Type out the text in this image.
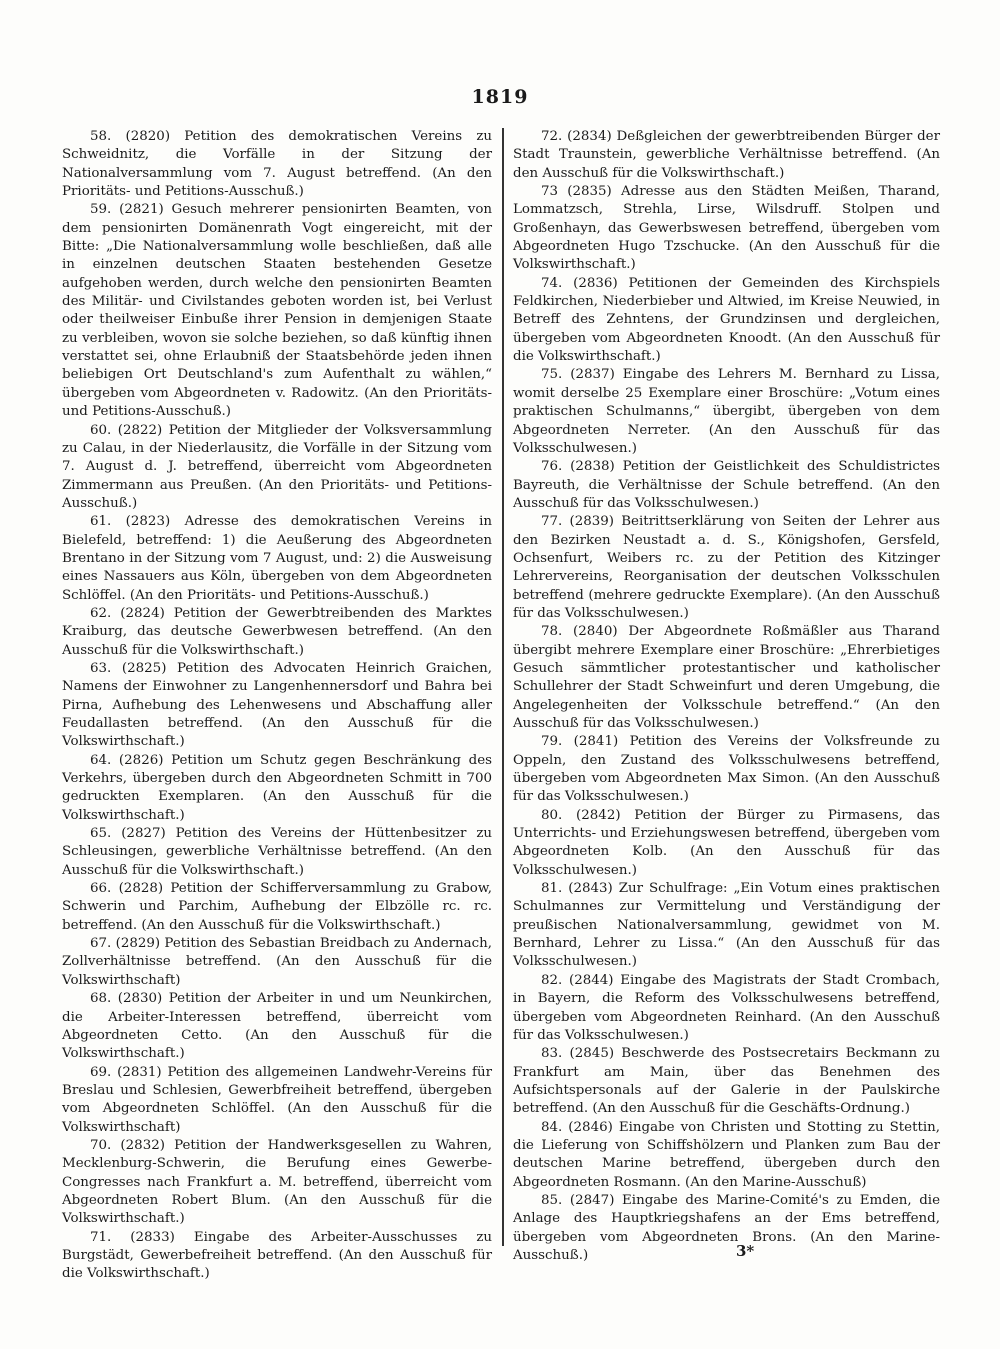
1819

58. (2820) Petition des demokratischen Vereins zu Schweidnitz, die Vorfälle in der Sitzung der Nationalversammlung vom 7. August betreffend. (An den Prioritäts- und Petitions-Ausschuß.)

59. (2821) Gesuch mehrerer pensionirten Beamten, von dem pensionirten Domänenrath Vogt eingereicht, mit der Bitte: „Die Nationalversammlung wolle beschließen, daß alle in einzelnen deutschen Staaten bestehenden Gesetze aufgehoben werden, durch welche den pensionirten Beamten des Militär- und Civilstandes geboten worden ist, bei Verlust oder theilweiser Einbuße ihrer Pension in demjenigen Staate zu verbleiben, wovon sie solche beziehen, so daß künftig ihnen verstattet sei, ohne Erlaubniß der Staatsbehörde jeden ihnen beliebigen Ort Deutschland's zum Aufenthalt zu wählen,“ übergeben vom Abgeordneten v. Radowitz. (An den Prioritäts- und Petitions-Ausschuß.)

60. (2822) Petition der Mitglieder der Volksversammlung zu Calau, in der Niederlausitz, die Vorfälle in der Sitzung vom 7. August d. J. betreffend, überreicht vom Abgeordneten Zimmermann aus Preußen. (An den Prioritäts- und Petitions-Ausschuß.)

61. (2823) Adresse des demokratischen Vereins in Bielefeld, betreffend: 1) die Aeußerung des Abgeordneten Brentano in der Sitzung vom 7 August, und: 2) die Ausweisung eines Nassauers aus Köln, übergeben von dem Abgeordneten Schlöffel. (An den Prioritäts- und Petitions-Ausschuß.)

62. (2824) Petition der Gewerbtreibenden des Marktes Kraiburg, das deutsche Gewerbwesen betreffend. (An den Ausschuß für die Volkswirthschaft.)

63. (2825) Petition des Advocaten Heinrich Graichen, Namens der Einwohner zu Langenhennersdorf und Bahra bei Pirna, Aufhebung des Lehenwesens und Abschaffung aller Feudallasten betreffend. (An den Ausschuß für die Volkswirthschaft.)

64. (2826) Petition um Schutz gegen Beschränkung des Verkehrs, übergeben durch den Abgeordneten Schmitt in 700 gedruckten Exemplaren. (An den Ausschuß für die Volkswirthschaft.)

65. (2827) Petition des Vereins der Hüttenbesitzer zu Schleusingen, gewerbliche Verhältnisse betreffend. (An den Ausschuß für die Volkswirthschaft.)

66. (2828) Petition der Schifferversammlung zu Grabow, Schwerin und Parchim, Aufhebung der Elbzölle rc. rc. betreffend. (An den Ausschuß für die Volkswirthschaft.)

67. (2829) Petition des Sebastian Breidbach zu Andernach, Zollverhältnisse betreffend. (An den Ausschuß für die Volkswirthschaft)

68. (2830) Petition der Arbeiter in und um Neunkirchen, die Arbeiter-Interessen betreffend, überreicht vom Abgeordneten Cetto. (An den Ausschuß für die Volkswirthschaft.)

69. (2831) Petition des allgemeinen Landwehr-Vereins für Breslau und Schlesien, Gewerbfreiheit betreffend, übergeben vom Abgeordneten Schlöffel. (An den Ausschuß für die Volkswirthschaft)

70. (2832) Petition der Handwerksgesellen zu Wahren, Mecklenburg-Schwerin, die Berufung eines Gewerbe-Congresses nach Frankfurt a. M. betreffend, überreicht vom Abgeordneten Robert Blum. (An den Ausschuß für die Volkswirthschaft.)

71. (2833) Eingabe des Arbeiter-Ausschusses zu Burgstädt, Gewerbefreiheit betreffend. (An den Ausschuß für die Volkswirthschaft.)

72. (2834) Deßgleichen der gewerbtreibenden Bürger der Stadt Traunstein, gewerbliche Verhältnisse betreffend. (An den Ausschuß für die Volkswirthschaft.)

73 (2835) Adresse aus den Städten Meißen, Tharand, Lommatzsch, Strehla, Lirse, Wilsdruff. Stolpen und Großenhayn, das Gewerbswesen betreffend, übergeben vom Abgeordneten Hugo Tzschucke. (An den Ausschuß für die Volkswirthschaft.)

74. (2836) Petitionen der Gemeinden des Kirchspiels Feldkirchen, Niederbieber und Altwied, im Kreise Neuwied, in Betreff des Zehntens, der Grundzinsen und dergleichen, übergeben vom Abgeordneten Knoodt. (An den Ausschuß für die Volkswirthschaft.)

75. (2837) Eingabe des Lehrers M. Bernhard zu Lissa, womit derselbe 25 Exemplare einer Broschüre: „Votum eines praktischen Schulmanns,“ übergibt, übergeben von dem Abgeordneten Nerreter. (An den Ausschuß für das Volksschulwesen.)

76. (2838) Petition der Geistlichkeit des Schuldistrictes Bayreuth, die Verhältnisse der Schule betreffend. (An den Ausschuß für das Volksschulwesen.)

77. (2839) Beitrittserklärung von Seiten der Lehrer aus den Bezirken Neustadt a. d. S., Königshofen, Gersfeld, Ochsenfurt, Weibers rc. zu der Petition des Kitzinger Lehrervereins, Reorganisation der deutschen Volksschulen betreffend (mehrere gedruckte Exemplare). (An den Ausschuß für das Volksschulwesen.)

78. (2840) Der Abgeordnete Roßmäßler aus Tharand übergibt mehrere Exemplare einer Broschüre: „Ehrerbietiges Gesuch sämmtlicher protestantischer und katholischer Schullehrer der Stadt Schweinfurt und deren Umgebung, die Angelegenheiten der Volksschule betreffend.“ (An den Ausschuß für das Volksschulwesen.)

79. (2841) Petition des Vereins der Volksfreunde zu Oppeln, den Zustand des Volksschulwesens betreffend, übergeben vom Abgeordneten Max Simon. (An den Ausschuß für das Volksschulwesen.)

80. (2842) Petition der Bürger zu Pirmasens, das Unterrichts- und Erziehungswesen betreffend, übergeben vom Abgeordneten Kolb. (An den Ausschuß für das Volksschulwesen.)

81. (2843) Zur Schulfrage: „Ein Votum eines praktischen Schulmannes zur Vermittelung und Verständigung der preußischen Nationalversammlung, gewidmet von M. Bernhard, Lehrer zu Lissa.“ (An den Ausschuß für das Volksschulwesen.)

82. (2844) Eingabe des Magistrats der Stadt Crombach, in Bayern, die Reform des Volksschulwesens betreffend, übergeben vom Abgeordneten Reinhard. (An den Ausschuß für das Volksschulwesen.)

83. (2845) Beschwerde des Postsecretairs Beckmann zu Frankfurt am Main, über das Benehmen des Aufsichtspersonals auf der Galerie in der Paulskirche betreffend. (An den Ausschuß für die Geschäfts-Ordnung.)

84. (2846) Eingabe von Christen und Stotting zu Stettin, die Lieferung von Schiffshölzern und Planken zum Bau der deutschen Marine betreffend, übergeben durch den Abgeordneten Rosmann. (An den Marine-Ausschuß)

85. (2847) Eingabe des Marine-Comité's zu Emden, die Anlage des Hauptkriegshafens an der Ems betreffend, übergeben vom Abgeordneten Brons. (An den Marine-Ausschuß.)	3*
